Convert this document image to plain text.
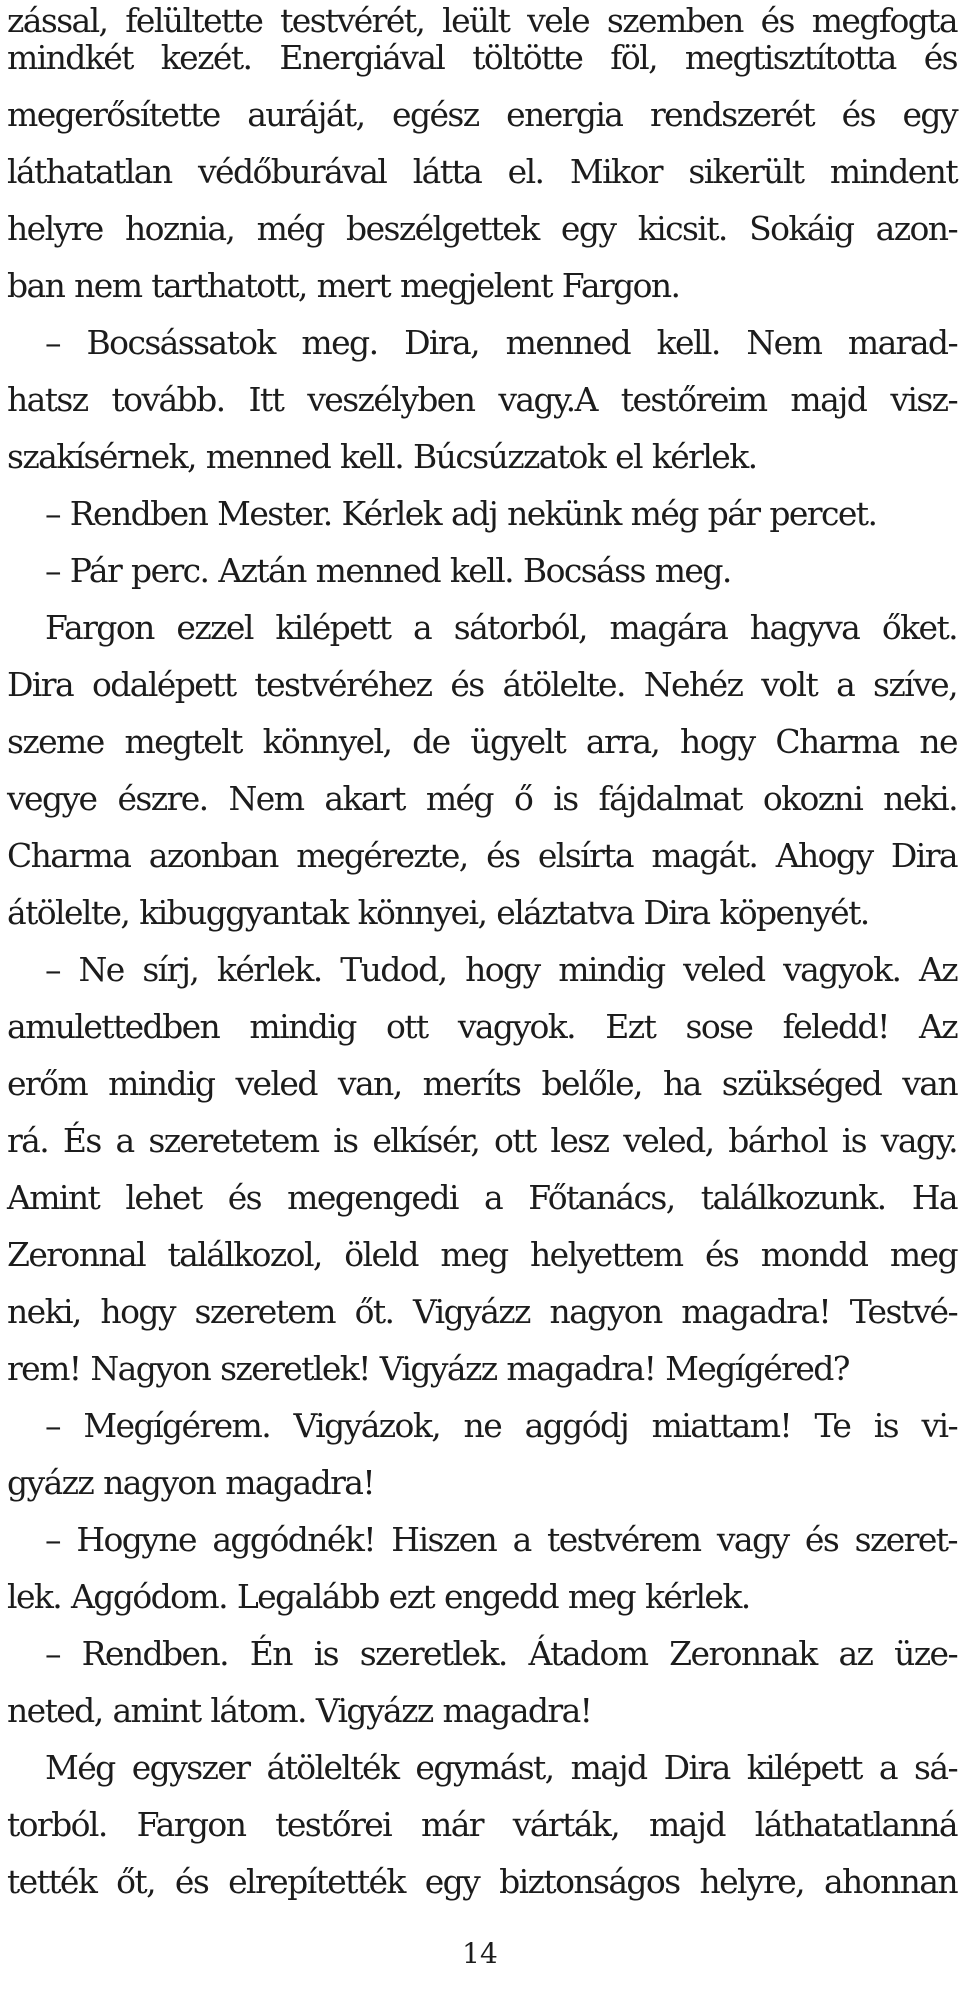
zással, felültette testvérét, leült vele szemben és megfogta
mindkét kezét. Energiával töltötte föl, megtisztította és
megerősítette auráját, egész energia rendszerét és egy
láthatatlan védőburával látta el. Mikor sikerült mindent
helyre hoznia, még beszélgettek egy kicsit. Sokáig azon-
ban nem tarthatott, mert megjelent Fargon.
– Bocsássatok meg. Dira, menned kell. Nem marad-
hatsz tovább. Itt veszélyben vagy.A testőreim majd visz-
szakísérnek, menned kell. Búcsúzzatok el kérlek.
– Rendben Mester. Kérlek adj nekünk még pár percet.
– Pár perc. Aztán menned kell. Bocsáss meg.
Fargon ezzel kilépett a sátorból, magára hagyva őket.
Dira odalépett testvéréhez és átölelte. Nehéz volt a szíve,
szeme megtelt könnyel, de ügyelt arra, hogy Charma ne
vegye észre. Nem akart még ő is fájdalmat okozni neki.
Charma azonban megérezte, és elsírta magát. Ahogy Dira
átölelte, kibuggyantak könnyei, eláztatva Dira köpenyét.
– Ne sírj, kérlek. Tudod, hogy mindig veled vagyok. Az
amulettedben mindig ott vagyok. Ezt sose feledd! Az
erőm mindig veled van, meríts belőle, ha szükséged van
rá. És a szeretetem is elkísér, ott lesz veled, bárhol is vagy.
Amint lehet és megengedi a Főtanács, találkozunk. Ha
Zeronnal találkozol, öleld meg helyettem és mondd meg
neki, hogy szeretem őt. Vigyázz nagyon magadra! Testvé-
rem! Nagyon szeretlek! Vigyázz magadra! Megígéred?
– Megígérem. Vigyázok, ne aggódj miattam! Te is vi-
gyázz nagyon magadra!
– Hogyne aggódnék! Hiszen a testvérem vagy és szeret-
lek. Aggódom. Legalább ezt engedd meg kérlek.
– Rendben. Én is szeretlek. Átadom Zeronnak az üze-
neted, amint látom. Vigyázz magadra!
Még egyszer átölelték egymást, majd Dira kilépett a sá-
torból. Fargon testőrei már várták, majd láthatatlanná
tették őt, és elrepítették egy biztonságos helyre, ahonnan
14
